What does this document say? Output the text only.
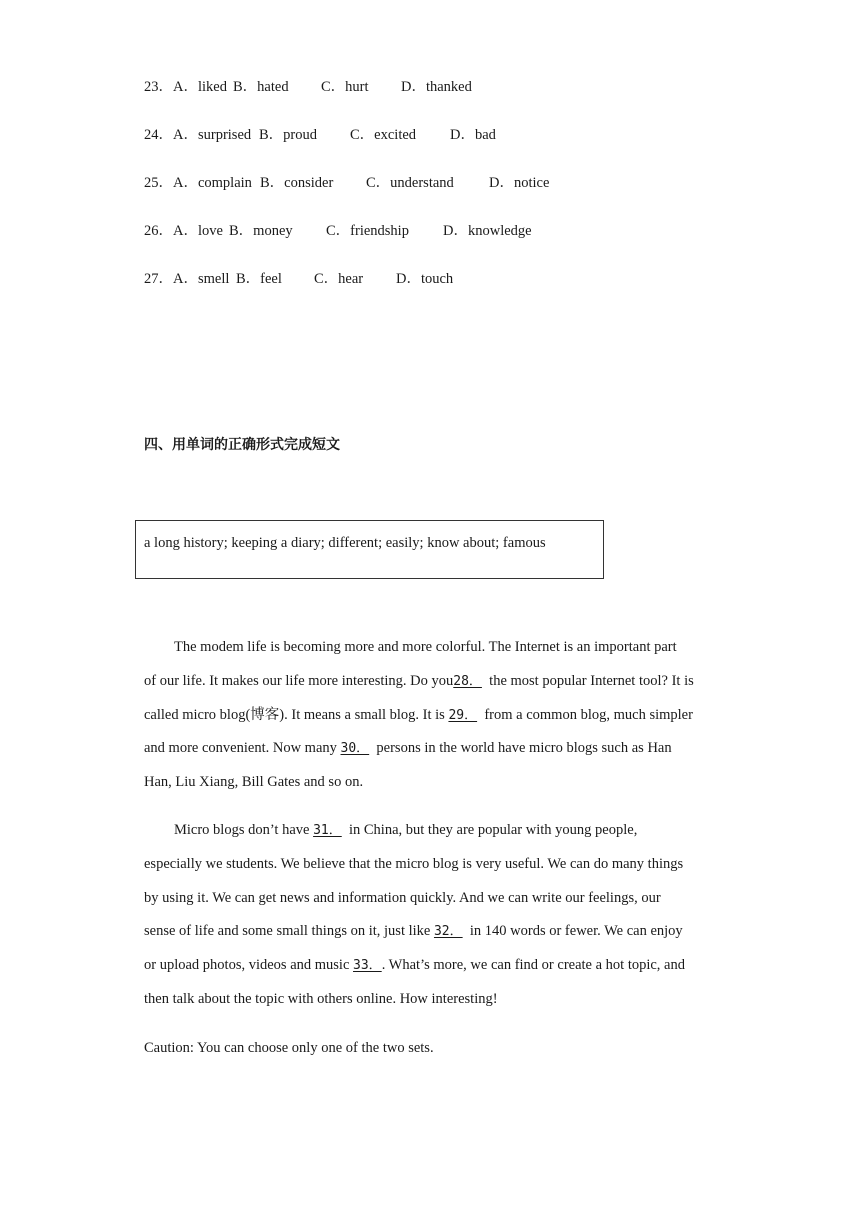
23．A．liked B．hated C．hurt D．thanked
24．A．surprised B．proud C．excited D．bad
25．A．complain B．consider C．understand D．notice
26．A．love B．money C．friendship D．knowledge
27．A．smell B．feel C．hear D．touch
四、用单词的正确形式完成短文
a long history; keeping a diary; different; easily; know about; famous
The modem life is becoming more and more colorful. The Internet is an important part
of our life. It makes our life more interesting. Do you28． the most popular Internet tool? It is
called micro blog(博客). It means a small blog. It is 29． from a common blog, much simpler
and more convenient. Now many 30． persons in the world have micro blogs such as Han
Han, Liu Xiang, Bill Gates and so on.
Micro blogs don’t have 31． in China, but they are popular with young people,
especially we students. We believe that the micro blog is very useful. We can do many things
by using it. We can get news and information quickly. And we can write our feelings, our
sense of life and some small things on it, just like 32． in 140 words or fewer. We can enjoy
or upload photos, videos and music 33．. What’s more, we can find or create a hot topic, and
then talk about the topic with others online. How interesting!
Caution: You can choose only one of the two sets.
